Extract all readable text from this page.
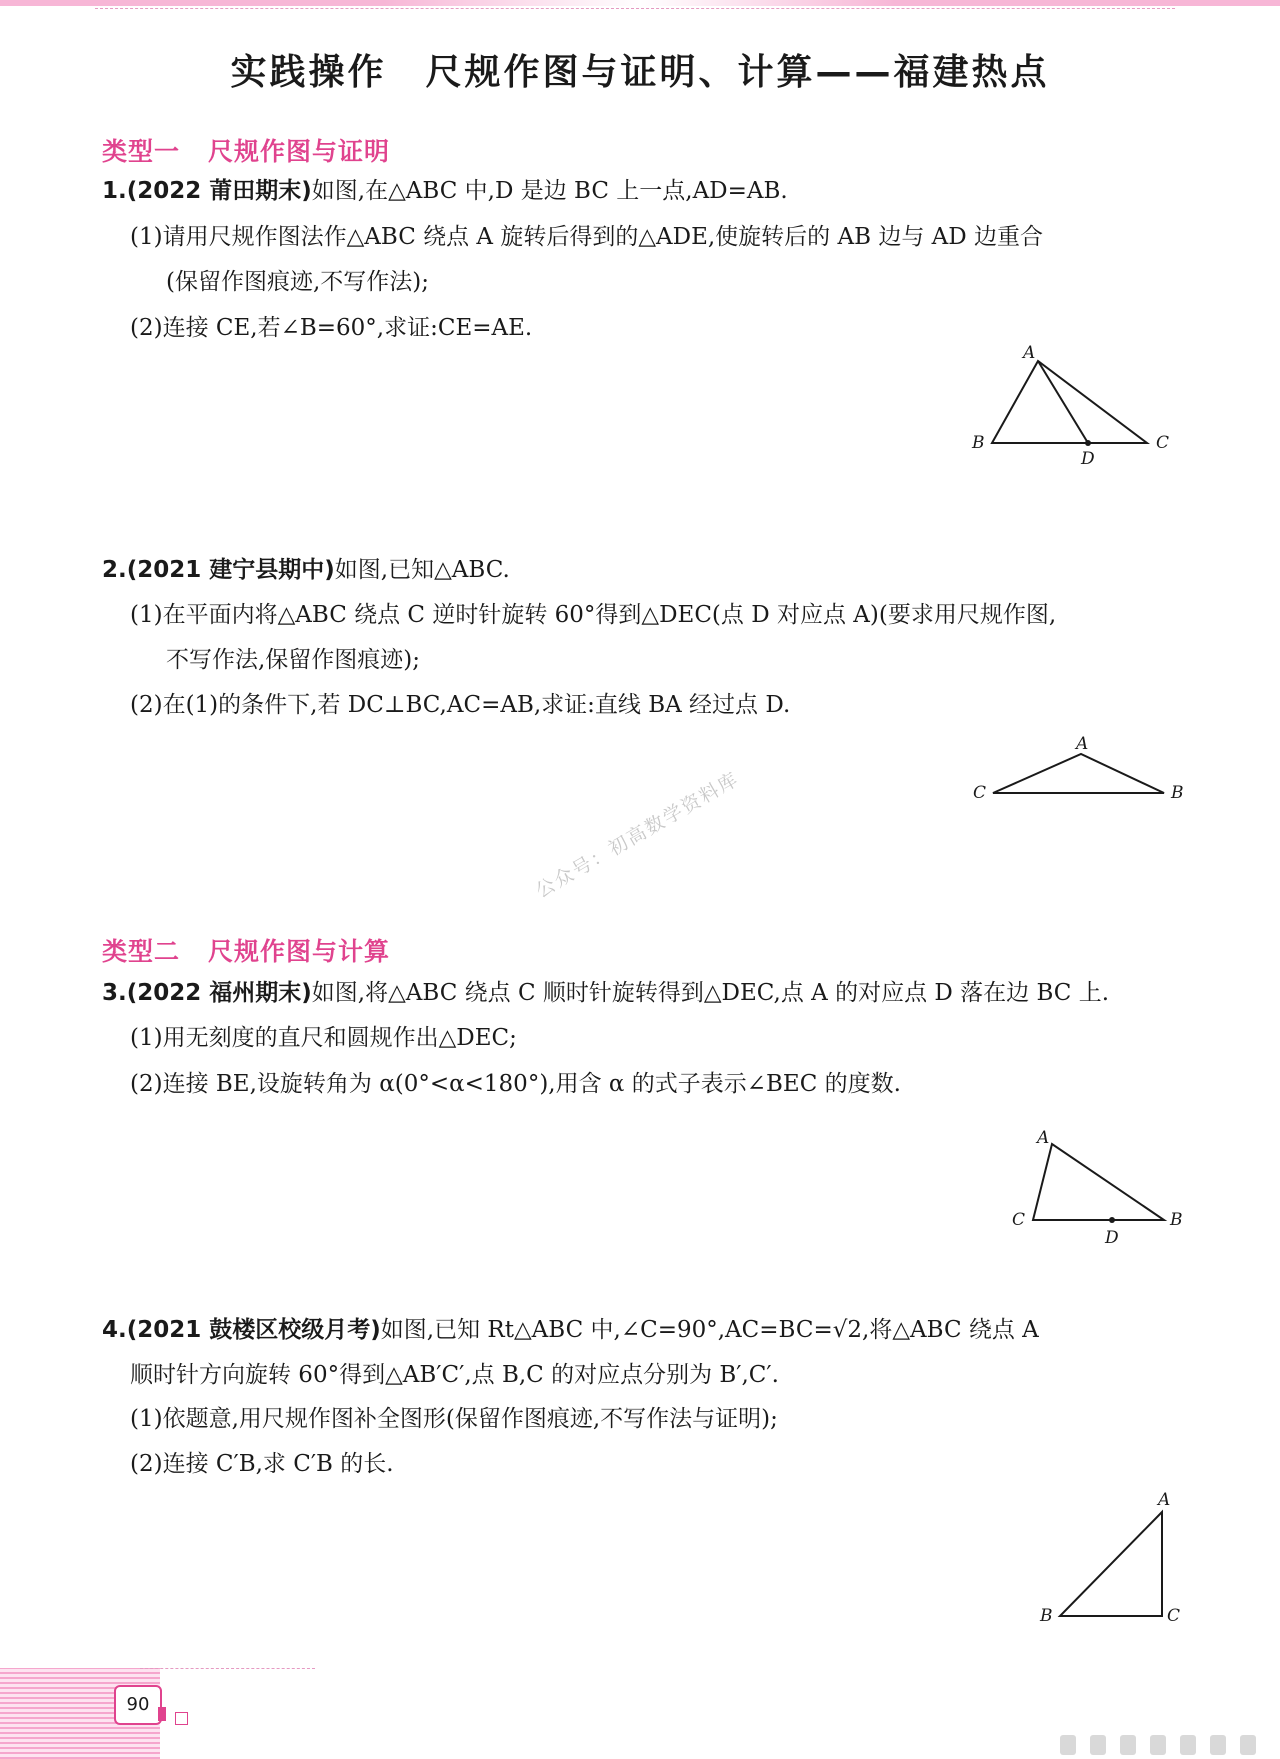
实践操作　尺规作图与证明、计算——福建热点
类型一 尺规作图与证明
1.(2022 莆田期末)如图,在△ABC 中,D 是边 BC 上一点,AD=AB.
(1)请用尺规作图法作△ABC 绕点 A 旋转后得到的△ADE,使旋转后的 AB 边与 AD 边重合
(保留作图痕迹,不写作法);
(2)连接 CE,若∠B=60°,求证:CE=AE.
A
B	C
D
2.(2021 建宁县期中)如图,已知△ABC.
(1)在平面内将△ABC 绕点 C 逆时针旋转 60°得到△DEC(点 D 对应点 A)(要求用尺规作图,
不写作法,保留作图痕迹);
(2)在(1)的条件下,若 DC⊥BC,AC=AB,求证:直线 BA 经过点 D.
A
C	B
公众号：初高数学资料库
类型二 尺规作图与计算
3.(2022 福州期末)如图,将△ABC 绕点 C 顺时针旋转得到△DEC,点 A 的对应点 D 落在边 BC 上.
(1)用无刻度的直尺和圆规作出△DEC;
(2)连接 BE,设旋转角为 α(0°<α<180°),用含 α 的式子表示∠BEC 的度数.
A
C	B
D
4.(2021 鼓楼区校级月考)如图,已知 Rt△ABC 中,∠C=90°,AC=BC=√2,将△ABC 绕点 A
顺时针方向旋转 60°得到△AB′C′,点 B,C 的对应点分别为 B′,C′.
(1)依题意,用尺规作图补全图形(保留作图痕迹,不写作法与证明);
(2)连接 C′B,求 C′B 的长.
A
B	C
90
